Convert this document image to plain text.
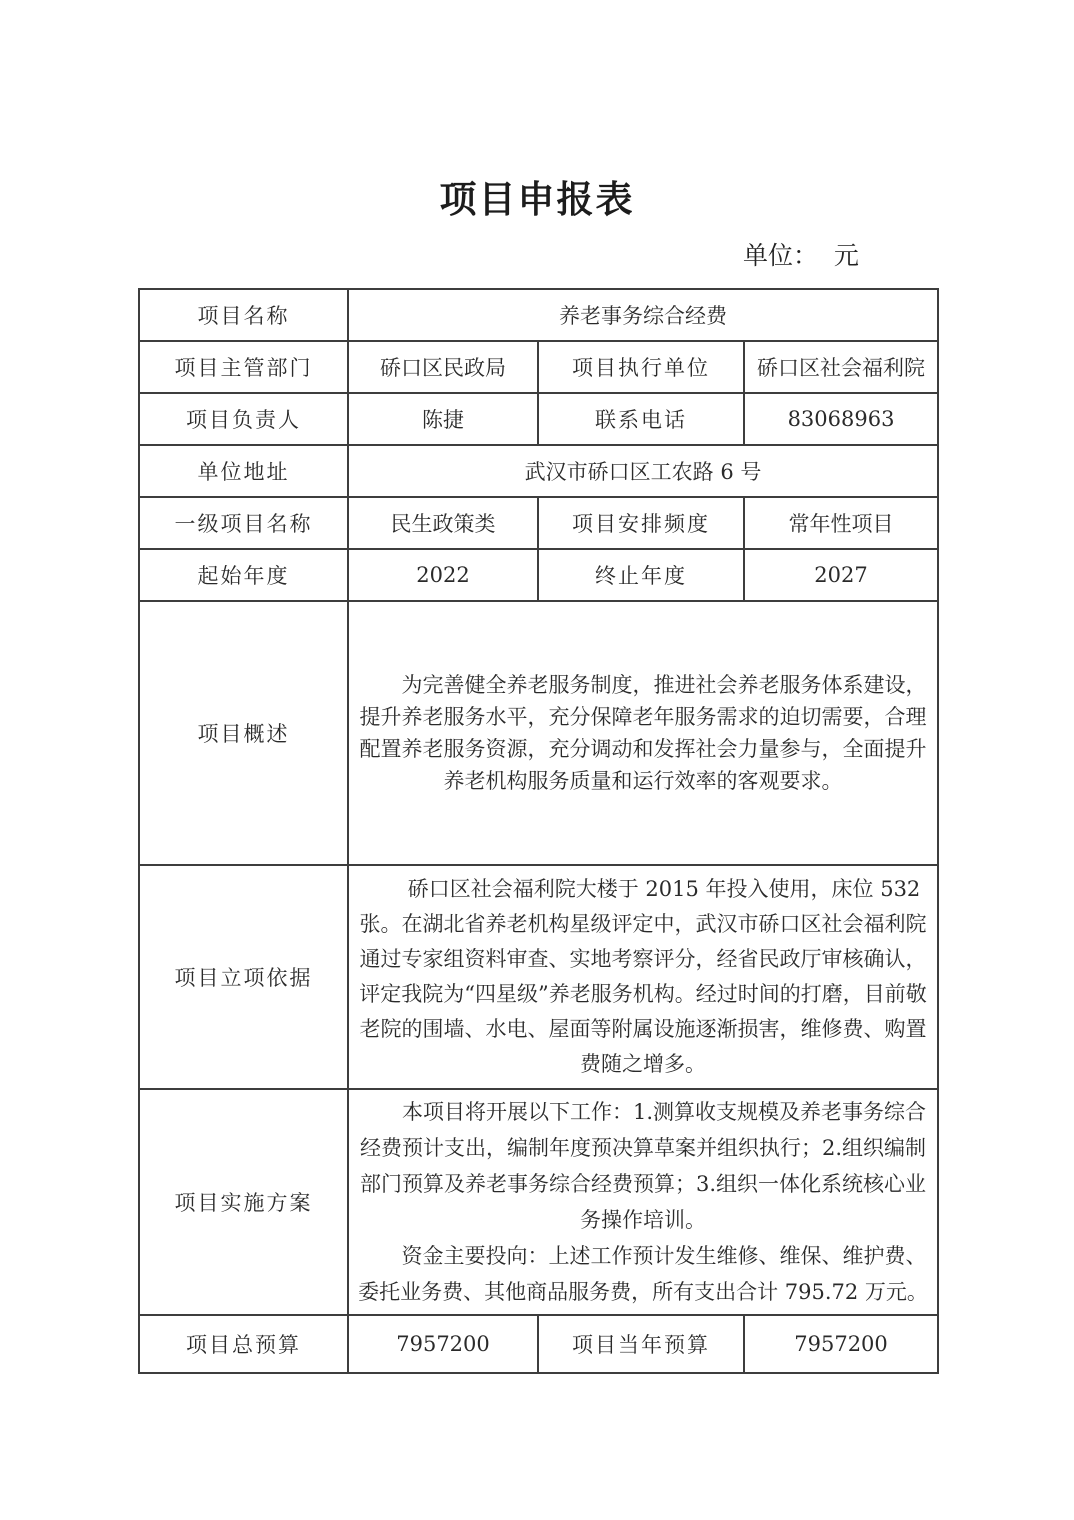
项目申报表
单位：  元
项目名称	养老事务综合经费		
项目主管部门	硚口区民政局	项目执行单位	硚口区社会福利院
项目负责人	陈捷	联系电话	83068963
单位地址	武汉市硚口区工农路 6 号		
一级项目名称	民生政策类	项目安排频度	常年性项目
起始年度	2022	终止年度	2027
项目概述	为完善健全养老服务制度，推进社会养老服务体系建设，提升养老服务水平，充分保障老年服务需求的迫切需要，合理配置养老服务资源，充分调动和发挥社会力量参与，全面提升养老机构服务质量和运行效率的客观要求。		

项目立项依据	硚口区社会福利院大楼于 2015 年投入使用，床位 532 张。在湖北省养老机构星级评定中，武汉市硚口区社会福利院通过专家组资料审查、实地考察评分，经省民政厅审核确认，评定我院为“四星级”养老服务机构。经过时间的打磨，目前敬老院的围墙、水电、屋面等附属设施逐渐损害，维修费、购置费随之增多。		

项目实施方案	本项目将开展以下工作：1.测算收支规模及养老事务综合经费预计支出，编制年度预决算草案并组织执行；2.组织编制部门预算及养老事务综合经费预算；3.组织一体化系统核心业务操作培训。

资金主要投向：上述工作预计发生维修、维保、维护费、委托业务费、其他商品服务费，所有支出合计 795.72 万元。		

项目总预算	7957200	项目当年预算	7957200
